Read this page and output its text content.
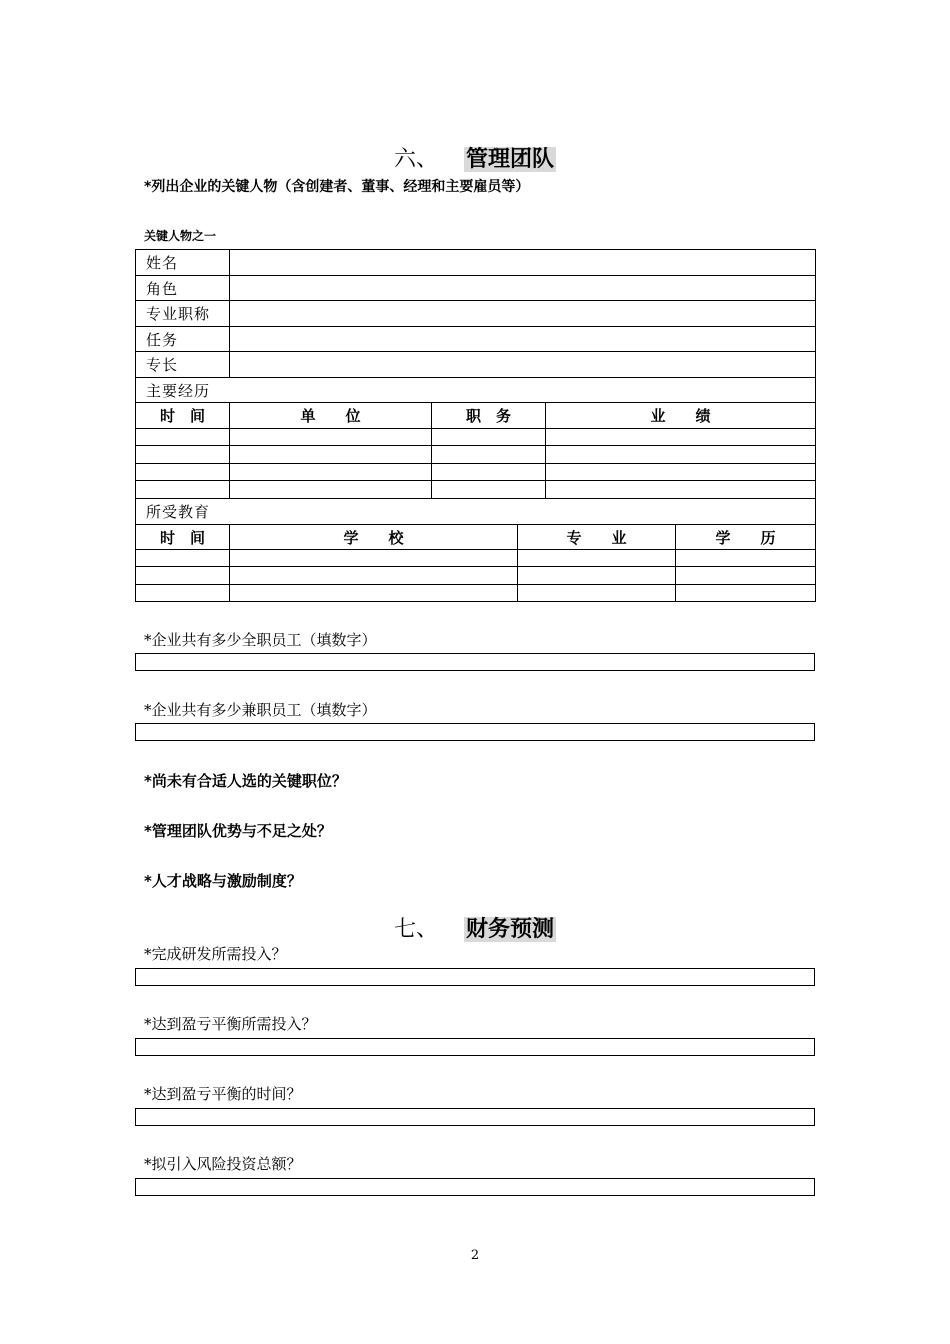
六、 管理团队
*列出企业的关键人物（含创建者、董事、经理和主要雇员等）
关键人物之一
姓名			
角色			
专业职称			
任务			
专长			
主要经历			
时　间	单　　位	职　务	业　　绩

所受教育			
时　间	学　　校	专　　业	学　　历

*企业共有多少全职员工（填数字）
*企业共有多少兼职员工（填数字）
*尚未有合适人选的关键职位？
*管理团队优势与不足之处？
*人才战略与激励制度？
七、 财务预测
*完成研发所需投入？
*达到盈亏平衡所需投入？
*达到盈亏平衡的时间？
*拟引入风险投资总额？
2
